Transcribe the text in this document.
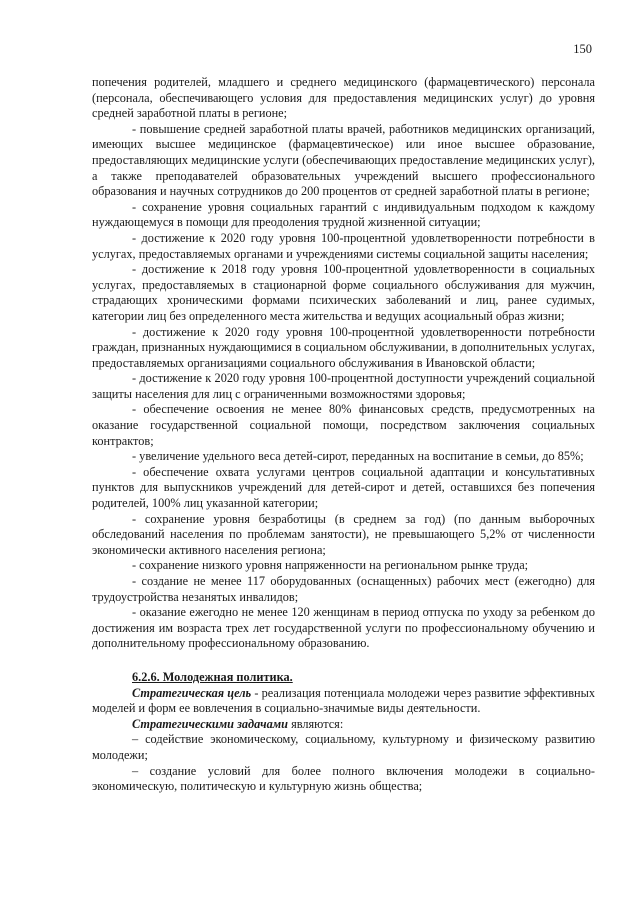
150

попечения родителей, младшего и среднего медицинского (фармацевтического) персонала (персонала, обеспечивающего условия для предоставления медицинских услуг) до уровня средней заработной платы в регионе;

- повышение средней заработной платы врачей, работников медицинских организаций, имеющих высшее медицинское (фармацевтическое) или иное высшее образование, предоставляющих медицинские услуги (обеспечивающих предоставление медицинских услуг), а также преподавателей образовательных учреждений высшего профессионального образования и научных сотрудников до 200 процентов от средней заработной платы в регионе;

- сохранение уровня социальных гарантий с индивидуальным подходом к каждому нуждающемуся в помощи для преодоления трудной жизненной ситуации;

- достижение к 2020 году уровня 100-процентной удовлетворенности потребности в услугах, предоставляемых органами и учреждениями системы социальной защиты населения;

- достижение к 2018 году уровня 100-процентной удовлетворенности в социальных услугах, предоставляемых в стационарной форме социального обслуживания для мужчин, страдающих хроническими формами психических заболеваний и лиц, ранее судимых, категории лиц без определенного места жительства и ведущих асоциальный образ жизни;

- достижение к 2020 году уровня 100-процентной удовлетворенности потребности граждан, признанных нуждающимися в социальном обслуживании, в дополнительных услугах, предоставляемых организациями социального обслуживания в Ивановской области;

- достижение к 2020 году уровня 100-процентной доступности учреждений социальной защиты населения для лиц с ограниченными возможностями здоровья;

- обеспечение освоения не менее 80% финансовых средств, предусмотренных на оказание государственной социальной помощи, посредством заключения социальных контрактов;

- увеличение удельного веса детей-сирот, переданных на воспитание в семьи, до 85%;

- обеспечение охвата услугами центров социальной адаптации и консультативных пунктов для выпускников учреждений для детей-сирот и детей, оставшихся без попечения родителей, 100% лиц указанной категории;

- сохранение уровня безработицы (в среднем за год) (по данным выборочных обследований населения по проблемам занятости), не превышающего 5,2% от численности экономически активного населения региона;

- сохранение низкого уровня напряженности на региональном рынке труда;

- создание не менее 117 оборудованных (оснащенных) рабочих мест (ежегодно) для трудоустройства незанятых инвалидов;

- оказание ежегодно не менее 120 женщинам в период отпуска по уходу за ребенком до достижения им возраста трех лет государственной услуги по профессиональному обучению и дополнительному профессиональному образованию.

6.2.6. Молодежная политика.

Стратегическая цель - реализация потенциала молодежи через развитие эффективных моделей и форм ее вовлечения в социально-значимые виды деятельности.

Стратегическими задачами являются:

– содействие экономическому, социальному, культурному и физическому развитию молодежи;

– создание условий для более полного включения молодежи в социально-экономическую, политическую и культурную жизнь общества;
